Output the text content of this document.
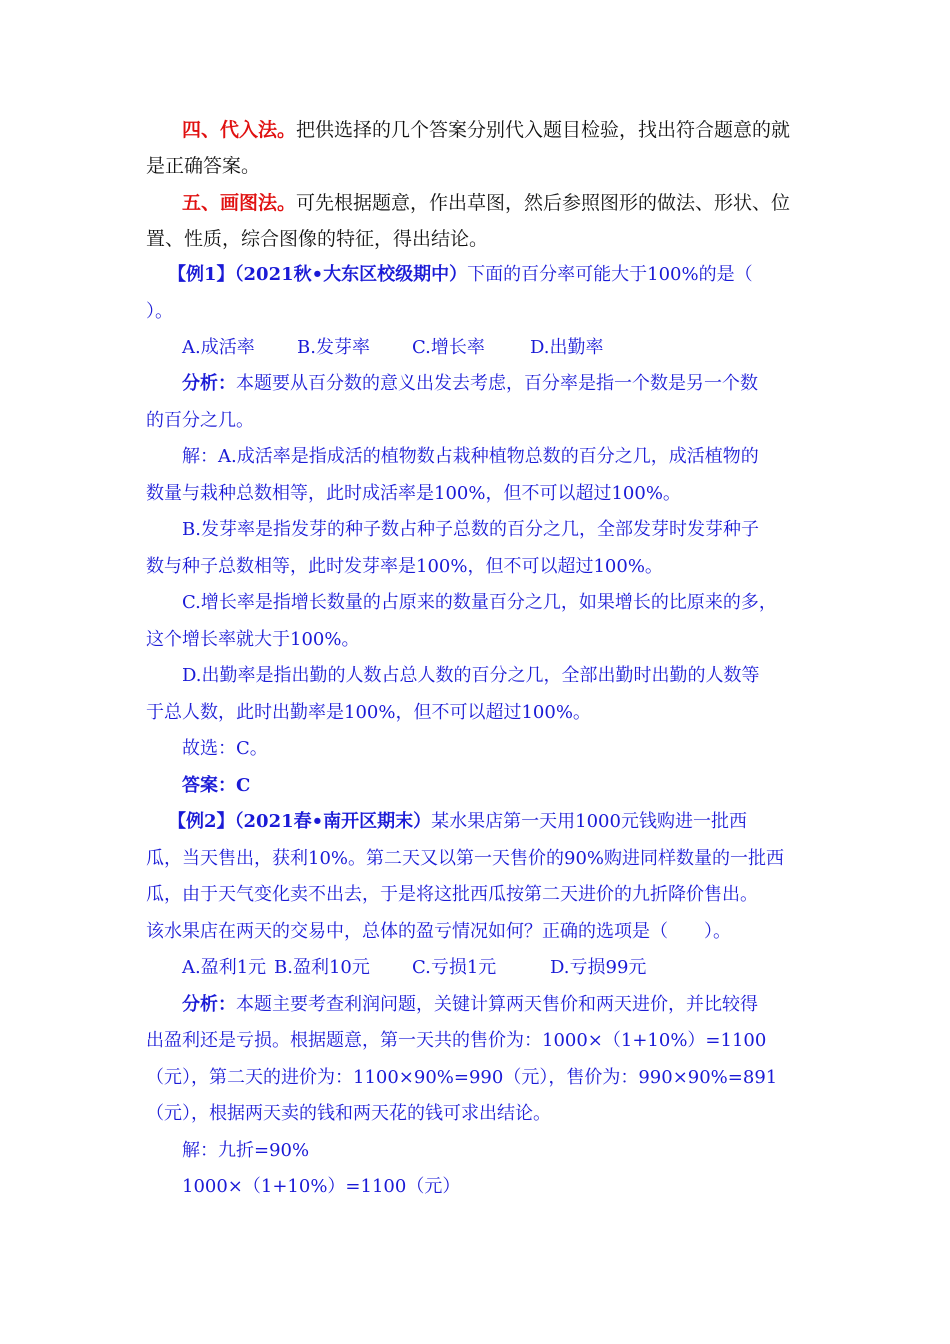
四、代入法。把供选择的几个答案分别代入题目检验，找出符合题意的就
是正确答案。
五、画图法。可先根据题意，作出草图，然后参照图形的做法、形状、位
置、性质，综合图像的特征，得出结论。
【例1】（2021秋•大东区校级期中）下面的百分率可能大于100%的是（
）。
A.成活率 B.发芽率 C.增长率	D.出勤率
分析：本题要从百分数的意义出发去考虑，百分率是指一个数是另一个数
的百分之几。
解：A.成活率是指成活的植物数占栽种植物总数的百分之几，成活植物的
数量与栽种总数相等，此时成活率是100%，但不可以超过100%。
B.发芽率是指发芽的种子数占种子总数的百分之几，全部发芽时发芽种子
数与种子总数相等，此时发芽率是100%，但不可以超过100%。
C.增长率是指增长数量的占原来的数量百分之几，如果增长的比原来的多，
这个增长率就大于100%。
D.出勤率是指出勤的人数占总人数的百分之几，全部出勤时出勤的人数等
于总人数，此时出勤率是100%，但不可以超过100%。
故选：C。
答案：C
【例2】（2021春•南开区期末）某水果店第一天用1000元钱购进一批西
瓜，当天售出，获利10%。第二天又以第一天售价的90%购进同样数量的一批西
瓜，由于天气变化卖不出去，于是将这批西瓜按第二天进价的九折降价售出。
该水果店在两天的交易中，总体的盈亏情况如何？正确的选项是（　　）。
A.盈利1元 B.盈利10元 C.亏损1元	D.亏损99元
分析：本题主要考查利润问题，关键计算两天售价和两天进价，并比较得
出盈利还是亏损。根据题意，第一天共的售价为：1000×（1+10%）=1100
（元），第二天的进价为：1100×90%=990（元），售价为：990×90%=891
（元），根据两天卖的钱和两天花的钱可求出结论。
解：九折=90%
1000×（1+10%）=1100（元）
